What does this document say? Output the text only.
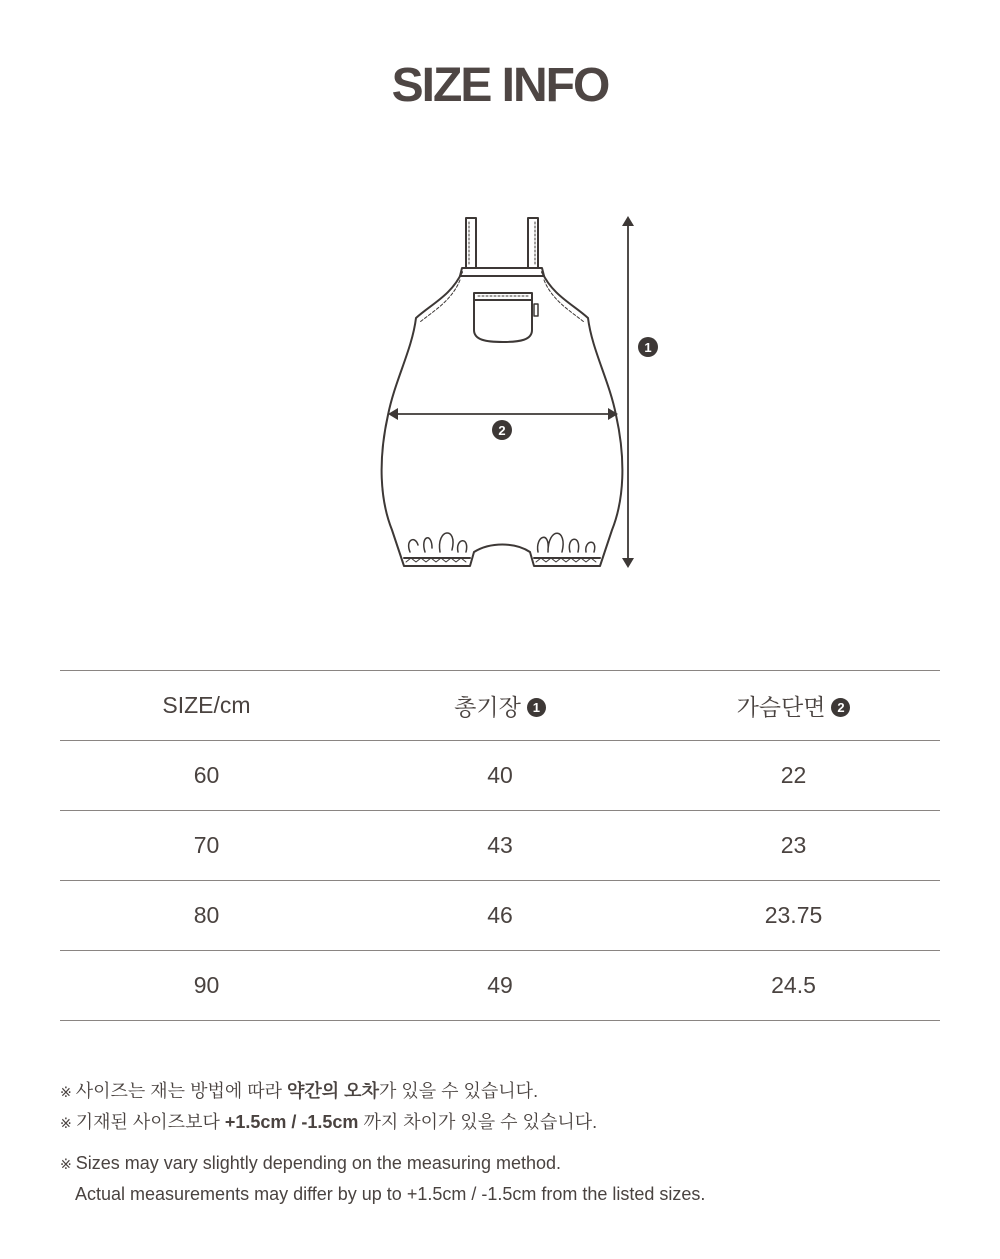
SIZE INFO
1
2
SIZE/cm	총기장 1	가슴단면 2
60	40	22
70	43	23
80	46	23.75
90	49	24.5
※ 사이즈는 재는 방법에 따라 약간의 오차가 있을 수 있습니다.
※ 기재된 사이즈보다 +1.5cm / -1.5cm 까지 차이가 있을 수 있습니다.
※ Sizes may vary slightly depending on the measuring method.
Actual measurements may differ by up to +1.5cm / -1.5cm from the listed sizes.
